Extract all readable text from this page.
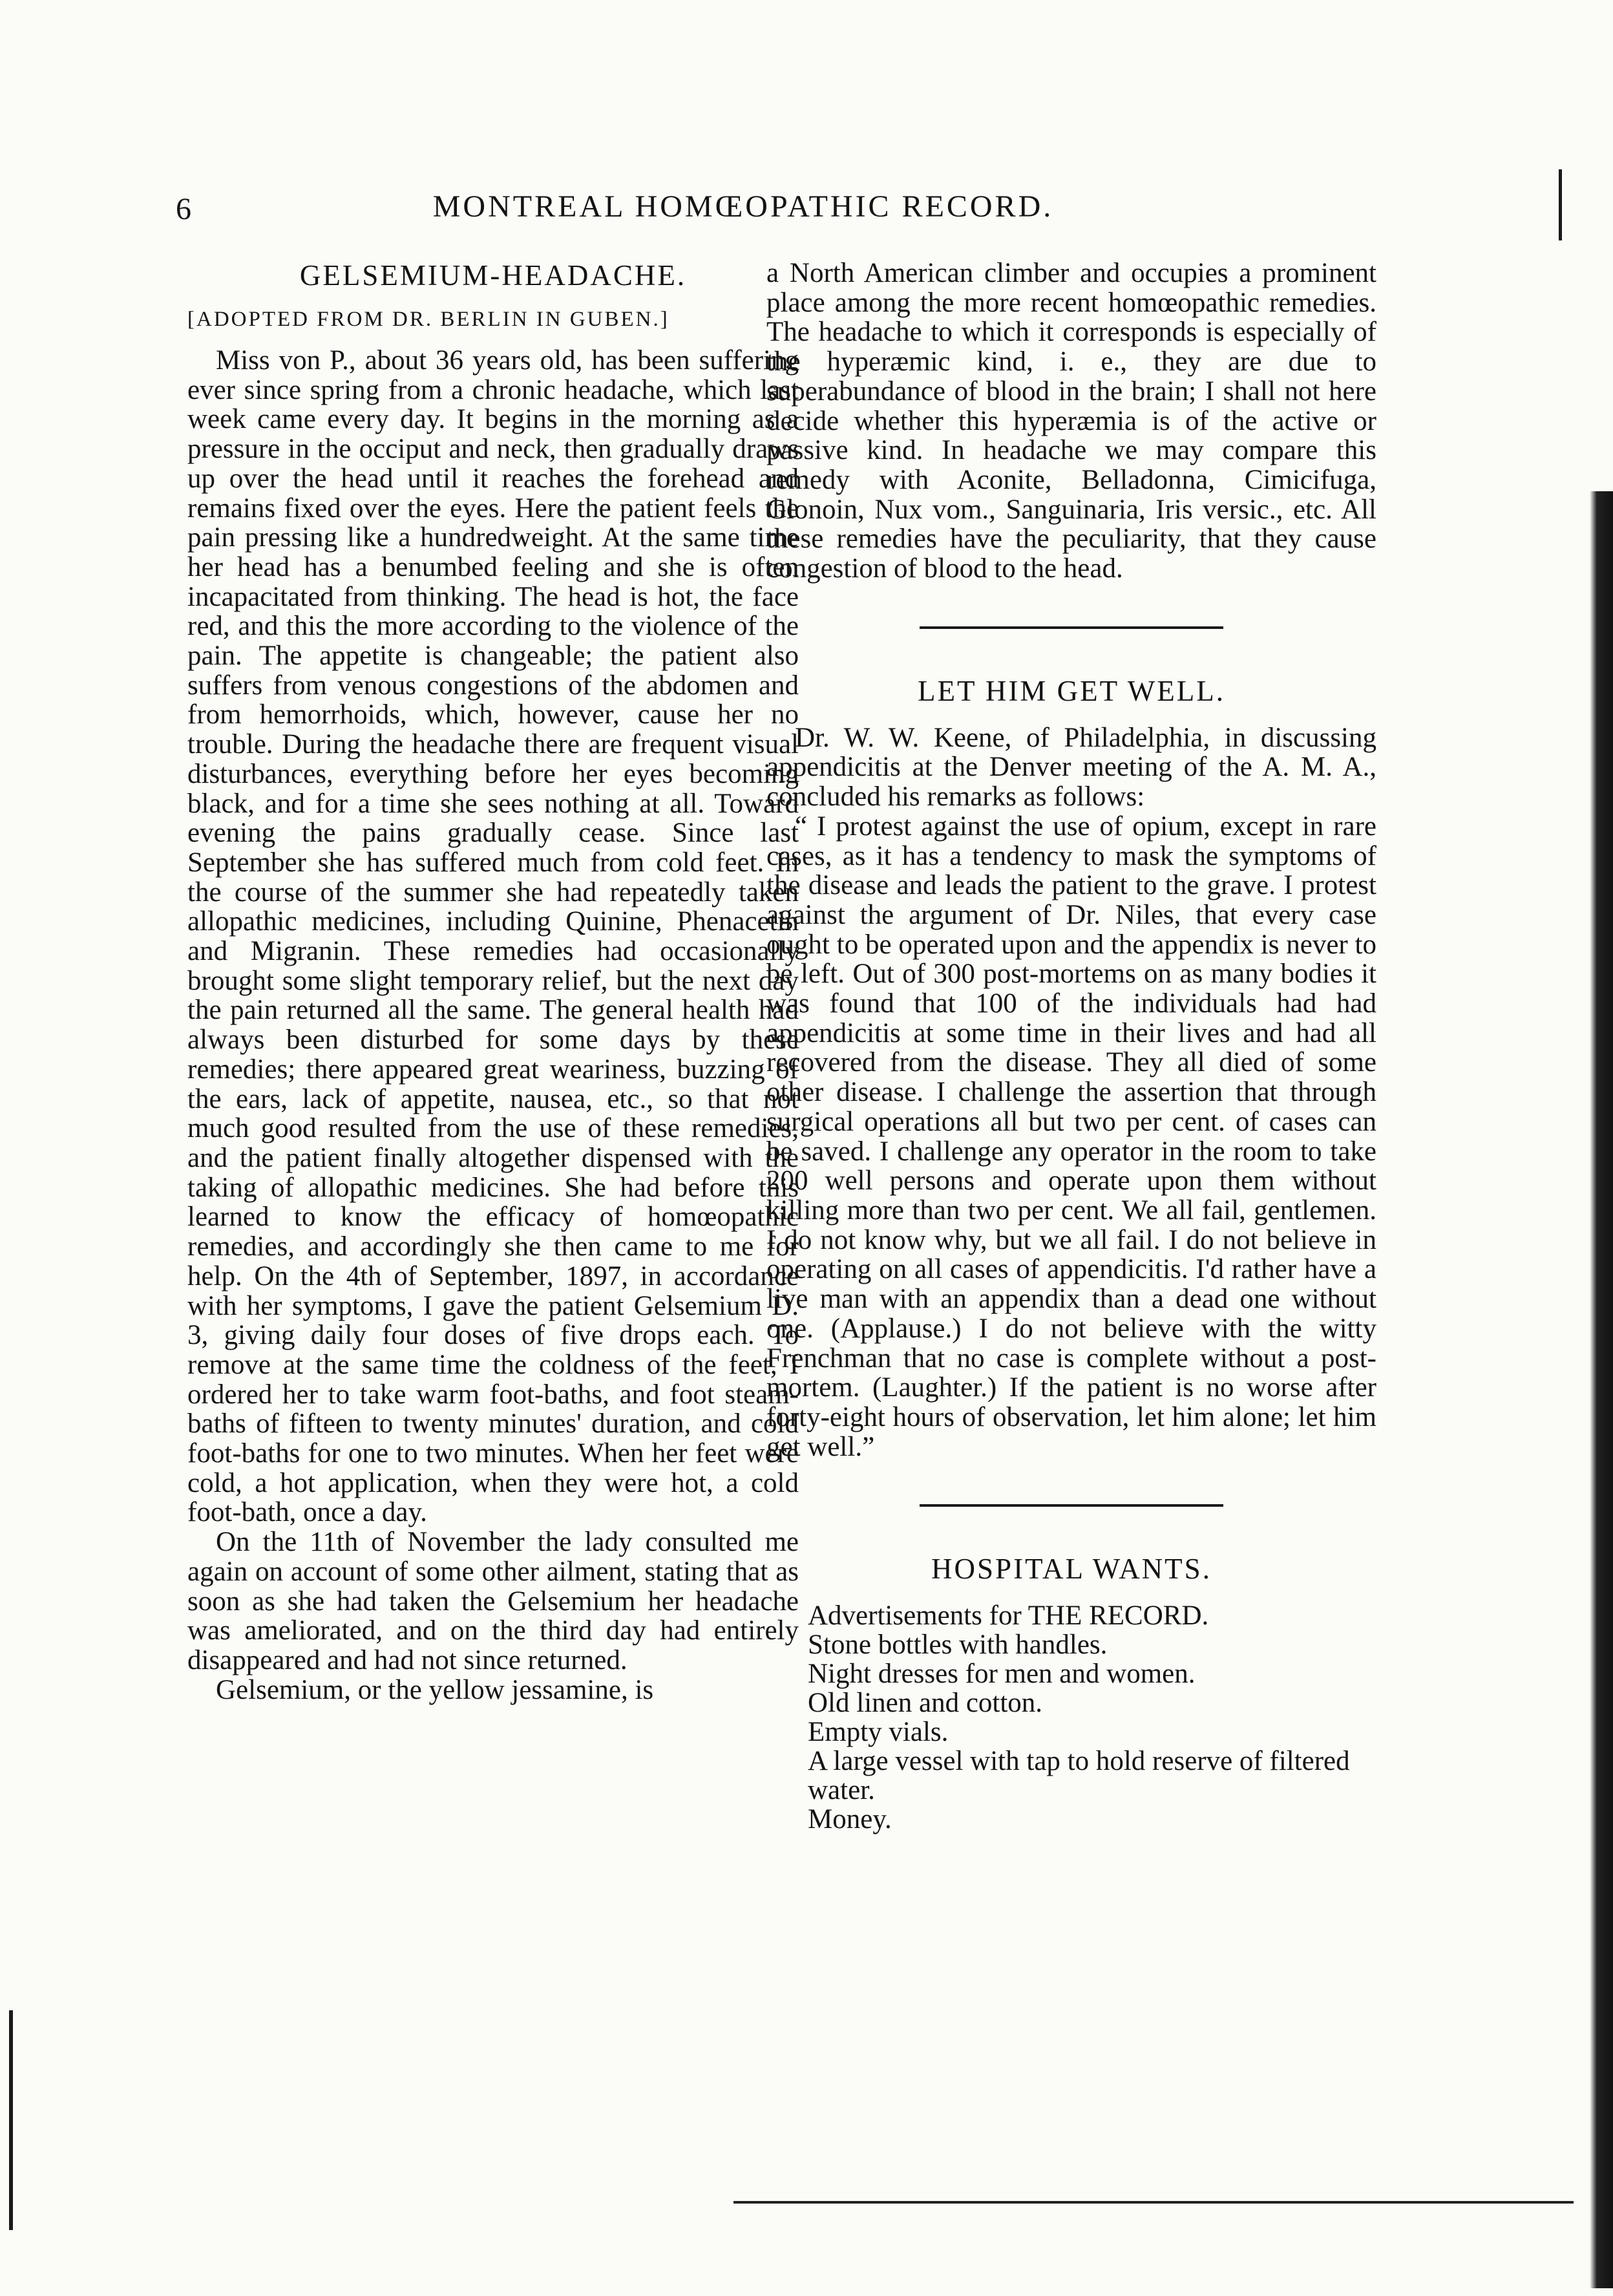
6	MONTREAL HOMŒOPATHIC RECORD.
GELSEMIUM-HEADACHE.
[ADOPTED FROM DR. BERLIN IN GUBEN.]

Miss von P., about 36 years old, has been suffering ever since spring from a chronic headache, which last week came every day. It begins in the morning as a pressure in the occiput and neck, then gradually draws up over the head until it reaches the forehead and remains fixed over the eyes. Here the patient feels the pain pressing like a hundredweight. At the same time her head has a benumbed feeling and she is often incapacitated from thinking. The head is hot, the face red, and this the more according to the violence of the pain. The appetite is changeable; the patient also suffers from venous congestions of the abdomen and from hemorrhoids, which, however, cause her no trouble. During the headache there are frequent visual disturbances, everything before her eyes becoming black, and for a time she sees nothing at all. Toward evening the pains gradually cease. Since last September she has suffered much from cold feet. In the course of the summer she had repeatedly taken allopathic medicines, including Quinine, Phenacetin and Migranin. These remedies had occasionally brought some slight temporary relief, but the next day the pain returned all the same. The general health had always been disturbed for some days by these remedies; there appeared great weariness, buzzing of the ears, lack of appetite, nausea, etc., so that not much good resulted from the use of these remedies, and the patient finally altogether dispensed with the taking of allopathic medicines. She had before this learned to know the efficacy of homœopathic remedies, and accordingly she then came to me for help. On the 4th of September, 1897, in accordance with her symptoms, I gave the patient Gelsemium D. 3, giving daily four doses of five drops each. To remove at the same time the coldness of the feet, I ordered her to take warm foot-baths, and foot steam-baths of fifteen to twenty minutes' duration, and cold foot-baths for one to two minutes. When her feet were cold, a hot application, when they were hot, a cold foot-bath, once a day.

On the 11th of November the lady consulted me again on account of some other ailment, stating that as soon as she had taken the Gelsemium her headache was ameliorated, and on the third day had entirely disappeared and had not since returned.

Gelsemium, or the yellow jessamine, is

a North American climber and occupies a prominent place among the more recent homœopathic remedies. The headache to which it corresponds is especially of the hyperæmic kind, i. e., they are due to superabundance of blood in the brain; I shall not here decide whether this hyperæmia is of the active or passive kind. In headache we may compare this remedy with Aconite, Belladonna, Cimicifuga, Glonoin, Nux vom., Sanguinaria, Iris versic., etc. All these remedies have the peculiarity, that they cause congestion of blood to the head.

LET HIM GET WELL.

Dr. W. W. Keene, of Philadelphia, in discussing appendicitis at the Denver meeting of the A. M. A., concluded his remarks as follows:

“ I protest against the use of opium, except in rare cases, as it has a tendency to mask the symptoms of the disease and leads the patient to the grave. I protest against the argument of Dr. Niles, that every case ought to be operated upon and the appendix is never to be left. Out of 300 post-mortems on as many bodies it was found that 100 of the individuals had had appendicitis at some time in their lives and had all recovered from the disease. They all died of some other disease. I challenge the assertion that through surgical operations all but two per cent. of cases can be saved. I challenge any operator in the room to take 200 well persons and operate upon them without killing more than two per cent. We all fail, gentlemen. I do not know why, but we all fail. I do not believe in operating on all cases of appendicitis. I'd rather have a live man with an appendix than a dead one without one. (Applause.) I do not believe with the witty Frenchman that no case is complete without a post-mortem. (Laughter.) If the patient is no worse after forty-eight hours of observation, let him alone; let him get well.”

HOSPITAL WANTS.
Advertisements for THE RECORD.
Stone bottles with handles.
Night dresses for men and women.
Old linen and cotton.
Empty vials.
A large vessel with tap to hold reserve of filtered water.
Money.
